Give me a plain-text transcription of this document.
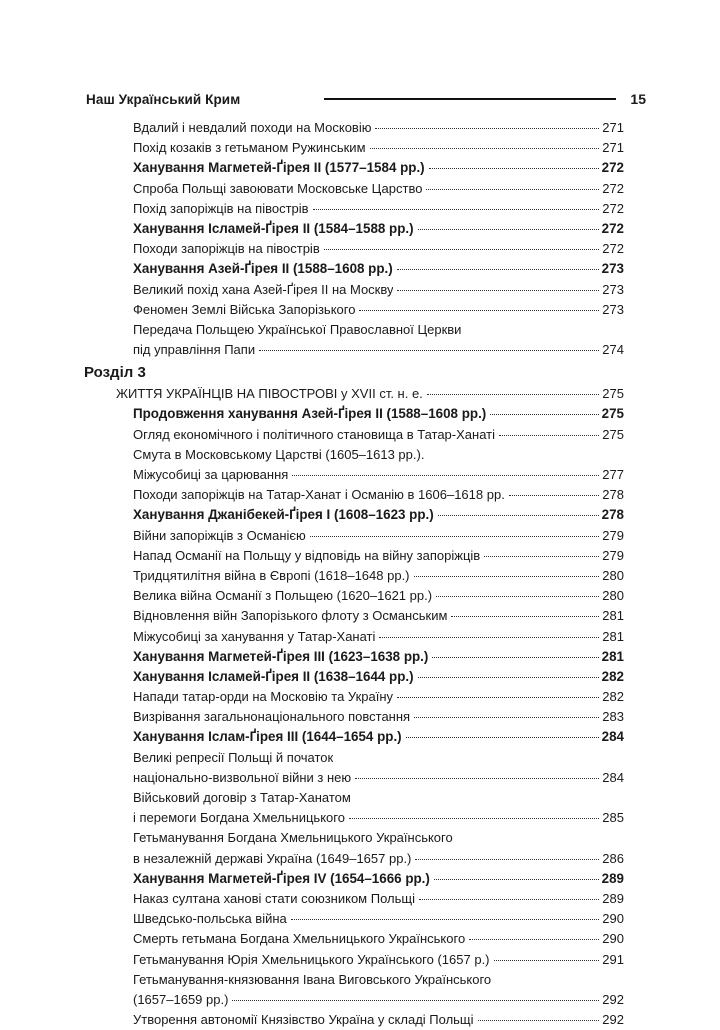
Наш Український Крим	15
Вдалий і невдалий походи на Московію	271
Похід козаків з гетьманом Ружинським	271
Ханування Магметей-Ґірея II (1577–1584 рр.)	272
Спроба Польщі завоювати Московське Царство	272
Похід запоріжців на півострів	272
Ханування Ісламей-Ґірея II (1584–1588 рр.)	272
Походи запоріжців на півострів	272
Ханування Азей-Ґірея II (1588–1608 рр.)	273
Великий похід хана Азей-Ґірея II на Москву	273
Феномен Землі Війська Запорізького	273
Передача Польщею Української Православної Церкви
під управління Папи	274
Розділ 3
ЖИТТЯ УКРАЇНЦІВ НА ПІВОСТРОВІ у XVII ст. н. е.	275
Продовження ханування Азей-Ґірея II (1588–1608 рр.)	275
Огляд економічного і політичного становища в Татар-Ханаті	275
Смута в Московському Царстві (1605–1613 рр.).
Міжусобиці за царювання	277
Походи запоріжців на Татар-Ханат і Османію в 1606–1618 рр.	278
Ханування Джанібекей-Ґірея I (1608–1623 рр.)	278
Війни запоріжців з Османією	279
Напад Османії на Польщу у відповідь на війну запоріжців	279
Тридцятилітня війна в Європі (1618–1648 рр.)	280
Велика війна Османії з Польщею (1620–1621 рр.)	280
Відновлення війн Запорізького флоту з Османським	281
Міжусобиці за ханування у Татар-Ханаті	281
Ханування Магметей-Ґірея III (1623–1638 рр.)	281
Ханування Ісламей-Ґірея II (1638–1644 рр.)	282
Напади татар-орди на Московію та Україну	282
Визрівання загальнонаціонального повстання	283
Ханування Іслам-Ґірея III (1644–1654 рр.)	284
Великі репресії Польщі й початок
національно-визвольної війни з нею	284
Військовий договір з Татар-Ханатом
і перемоги Богдана Хмельницького	285
Гетьманування Богдана Хмельницького Українського
в незалежній державі Україна (1649–1657 рр.)	286
Ханування Магметей-Ґірея IV (1654–1666 рр.)	289
Наказ султана ханові стати союзником Польщі	289
Шведсько-польська війна	290
Смерть гетьмана Богдана Хмельницького Українського	290
Гетьманування Юрія Хмельницького Українського (1657 р.)	291
Гетьманування-князювання Івана Виговського Українського
(1657–1659 рр.)	292
Утворення автономії Князівство Україна у складі Польщі	292
